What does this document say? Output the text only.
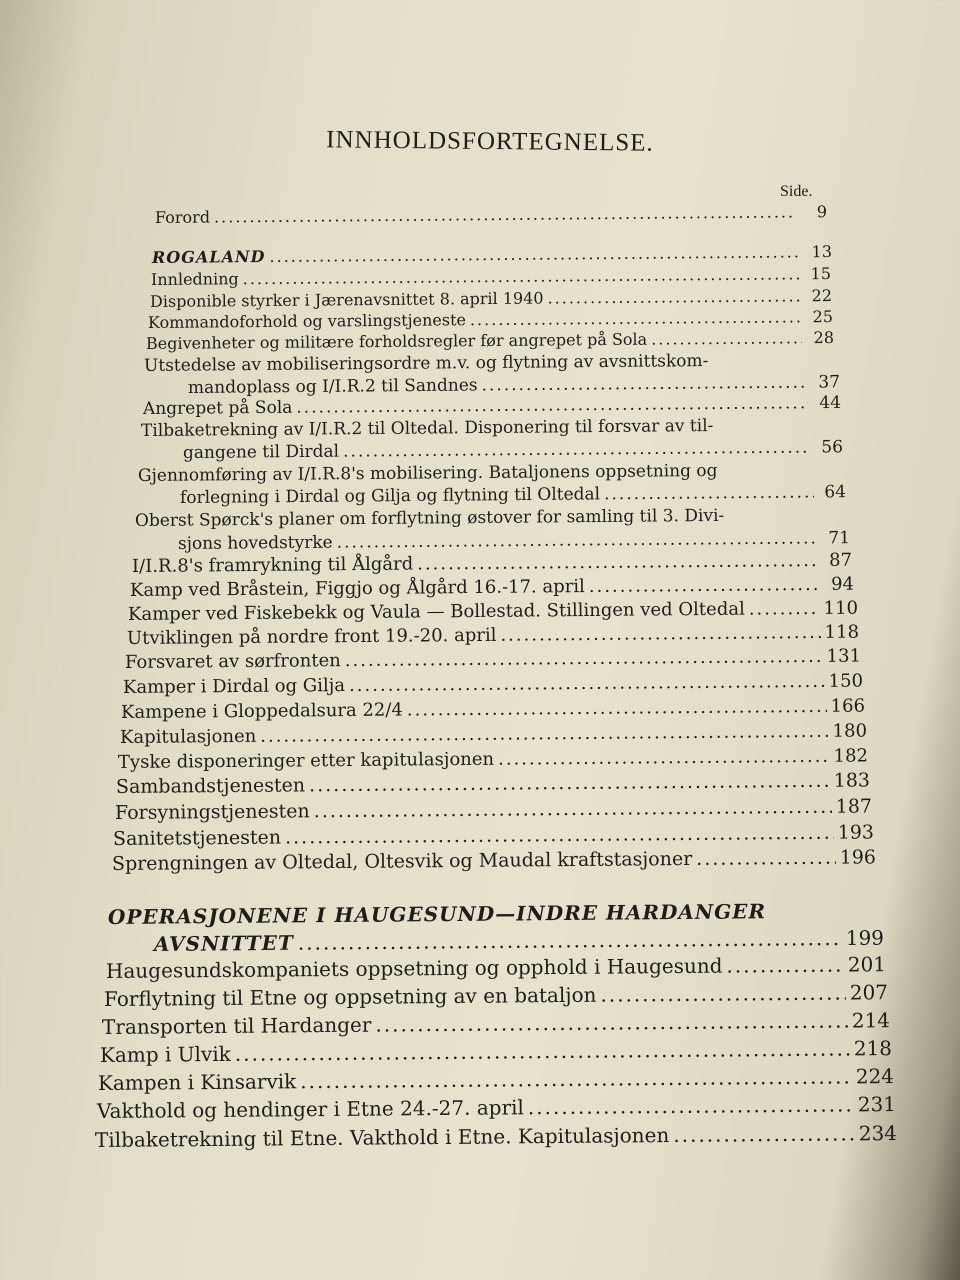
INNHOLDSFORTEGNELSE.
Side.
Forord .....	9
ROGALAND .....	13
Innledning .....	15
Disponible styrker i Jærenavsnittet 8. april 1940 .....	22
Kommandoforhold og varslingstjeneste .....	25
Begivenheter og militære forholdsregler før angrepet på Sola .....	28
Utstedelse av mobiliseringsordre m.v. og flytning av avsnittskom-
mandoplass og I/I.R.2 til Sandnes .....	37
Angrepet på Sola .....	44
Tilbaketrekning av I/I.R.2 til Oltedal. Disponering til forsvar av til-
gangene til Dirdal .....	56
Gjennomføring av I/I.R.8's mobilisering. Bataljonens oppsetning og
forlegning i Dirdal og Gilja og flytning til Oltedal .....	64
Oberst Spørck's planer om forflytning østover for samling til 3. Divi-
sjons hovedstyrke .....	71
I/I.R.8's framrykning til Ålgård .....	87
Kamp ved Bråstein, Figgjo og Ålgård 16.-17. april .....	94
Kamper ved Fiskebekk og Vaula — Bollestad. Stillingen ved Oltedal .....	110
Utviklingen på nordre front 19.-20. april .....	118
Forsvaret av sørfronten .....	131
Kamper i Dirdal og Gilja .....	150
Kampene i Gloppedalsura 22/4 .....	166
Kapitulasjonen .....	180
Tyske disponeringer etter kapitulasjonen .....	182
Sambandstjenesten .....	183
Forsyningstjenesten .....	187
Sanitetstjenesten .....	193
Sprengningen av Oltedal, Oltesvik og Maudal kraftstasjoner .....	196
OPERASJONENE I HAUGESUND—INDRE HARDANGER
AVSNITTET .....	199
Haugesundskompaniets oppsetning og opphold i Haugesund .....	201
Forflytning til Etne og oppsetning av en bataljon .....	207
Transporten til Hardanger .....	214
Kamp i Ulvik .....	218
Kampen i Kinsarvik .....	224
Vakthold og hendinger i Etne 24.-27. april .....	231
Tilbaketrekning til Etne. Vakthold i Etne. Kapitulasjonen .....	234
